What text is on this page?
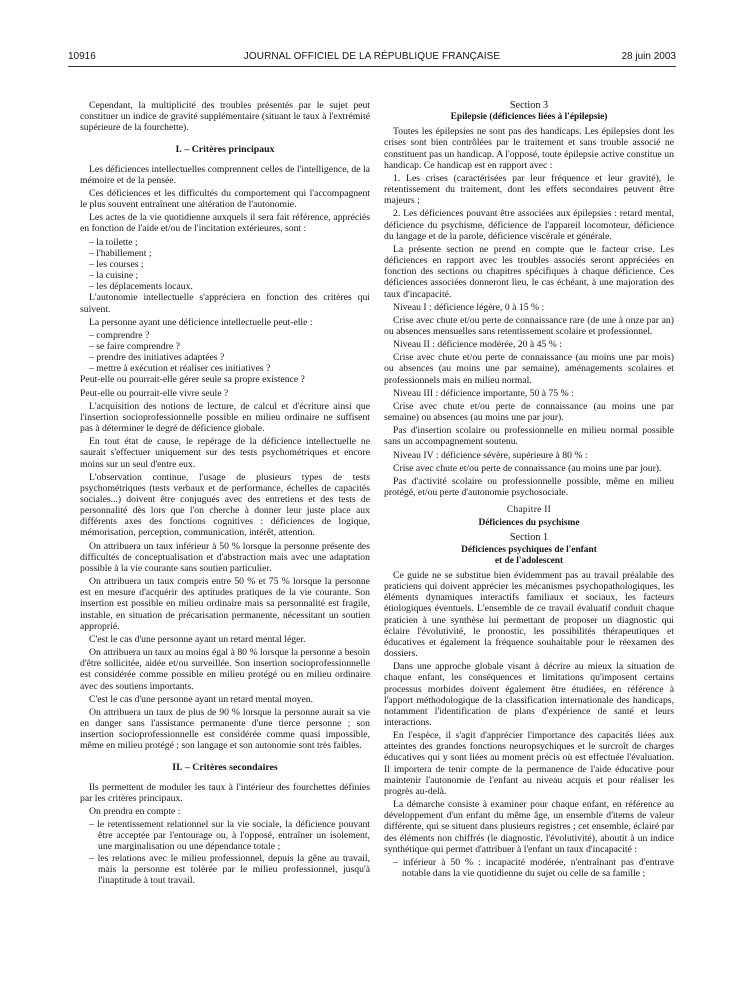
10916	JOURNAL OFFICIEL DE LA RÉPUBLIQUE FRANÇAISE	28 juin 2003

Cependant, la multiplicité des troubles présentés par le sujet peut constituer un indice de gravité supplémentaire (situant le taux à l'extrémité supérieure de la fourchette).

I. – Critères principaux

Les déficiences intellectuelles comprennent celles de l'intelligence, de la mémoire et de la pensée.

Ces déficiences et les difficultés du comportement qui l'accompagnent le plus souvent entraînent une altération de l'autonomie.

Les actes de la vie quotidienne auxquels il sera fait référence, appréciés en fonction de l'aide et/ou de l'incitation extérieures, sont :

– la toilette ;
– l'habillement ;
– les courses ;
– la cuisine ;
– les déplacements locaux.

L'autonomie intellectuelle s'appréciera en fonction des critères qui suivent.

La personne ayant une déficience intellectuelle peut-elle :

– comprendre ?
– se faire comprendre ?
– prendre des initiatives adaptées ?
– mettre à exécution et réaliser ces initiatives ?

Peut-elle ou pourrait-elle gérer seule sa propre existence ?

Peut-elle ou pourrait-elle vivre seule ?

L'acquisition des notions de lecture, de calcul et d'écriture ainsi que l'insertion socioprofessionnelle possible en milieu ordinaire ne suffisent pas à déterminer le degré de déficience globale.

En tout état de cause, le repérage de la déficience intellectuelle ne saurait s'effectuer uniquement sur des tests psychométriques et encore moins sur un seul d'entre eux.

L'observation continue, l'usage de plusieurs types de tests psychométriques (tests verbaux et de performance, échelles de capacités sociales...) doivent être conjugués avec des entretiens et des tests de personnalité dès lors que l'on cherche à donner leur juste place aux différents axes des fonctions cognitives : déficiences de logique, mémorisation, perception, communication, intérêt, attention.

On attribuera un taux inférieur à 50 % lorsque la personne présente des difficultés de conceptualisation et d'abstraction mais avec une adaptation possible à la vie courante sans soutien particulier.

On attribuera un taux compris entre 50 % et 75 % lorsque la personne est en mesure d'acquérir des aptitudes pratiques de la vie courante. Son insertion est possible en milieu ordinaire mais sa personnalité est fragile, instable, en situation de précarisation permanente, nécessitant un soutien approprié.

C'est le cas d'une personne ayant un retard mental léger.

On attribuera un taux au moins égal à 80 % lorsque la personne a besoin d'être sollicitée, aidée et/ou surveillée. Son insertion socioprofessionnelle est considérée comme possible en milieu protégé ou en milieu ordinaire avec des soutiens importants.

C'est le cas d'une personne ayant un retard mental moyen.

On attribuera un taux de plus de 90 % lorsque la personne aurait sa vie en danger sans l'assistance permanente d'une tierce personne ; son insertion socioprofessionnelle est considérée comme quasi impossible, même en milieu protégé ; son langage et son autonomie sont très faibles.

II. – Critères secondaires

Ils permettent de moduler les taux à l'intérieur des fourchettes définies par les critères principaux.

On prendra en compte :

– le retentissement relationnel sur la vie sociale, la déficience pouvant être acceptée par l'entourage ou, à l'opposé, entraîner un isolement, une marginalisation ou une dépendance totale ;
– les relations avec le milieu professionnel, depuis la gêne au travail, mais la personne est tolérée par le milieu professionnel, jusqu'à l'inaptitude à tout travail.
Section 3
Epilepsie (déficiences liées à l'épilepsie)

Toutes les épilepsies ne sont pas des handicaps. Les épilepsies dont les crises sont bien contrôlées par le traitement et sans trouble associé ne constituent pas un handicap. A l'opposé, toute épilepsie active constitue un handicap. Ce handicap est en rapport avec :

1. Les crises (caractérisées par leur fréquence et leur gravité), le retentissement du traitement, dont les effets secondaires peuvent être majeurs ;

2. Les déficiences pouvant être associées aux épilepsies : retard mental, déficience du psychisme, déficience de l'appareil locomoteur, déficience du langage et de la parole, déficience viscérale et générale.

La présente section ne prend en compte que le facteur crise. Les déficiences en rapport avec les troubles associés seront appréciées en fonction des sections ou chapitres spécifiques à chaque déficience. Ces déficiences associées donneront lieu, le cas échéant, à une majoration des taux d'incapacité.

Niveau I : déficience légère, 0 à 15 % :

Crise avec chute et/ou perte de connaissance rare (de une à onze par an) ou absences mensuelles sans retentissement scolaire et professionnel.

Niveau II : déficience modérée, 20 à 45 % :

Crise avec chute et/ou perte de connaissance (au moins une par mois) ou absences (au moins une par semaine), aménagements scolaires et professionnels mais en milieu normal.

Niveau III : déficience importante, 50 à 75 % :

Crise avec chute et/ou perte de connaissance (au moins une par semaine) ou absences (au moins une par jour).

Pas d'insertion scolaire ou professionnelle en milieu normal possible sans un accompagnement soutenu.

Niveau IV : déficience sévère, supérieure à 80 % :

Crise avec chute et/ou perte de connaissance (au moins une par jour).

Pas d'activité scolaire ou professionnelle possible, même en milieu protégé, et/ou perte d'autonomie psychosociale.

Chapitre II
Déficiences du psychisme
Section 1
Déficiences psychiques de l'enfant
et de l'adolescent

Ce guide ne se substitue bien évidemment pas au travail préalable des praticiens qui doivent apprécier les mécanismes psychopathologiques, les éléments dynamiques interactifs familiaux et sociaux, les facteurs étiologiques éventuels. L'ensemble de ce travail évaluatif conduit chaque praticien à une synthèse lui permettant de proposer un diagnostic qui éclaire l'évolutivité, le pronostic, les possibilités thérapeutiques et éducatives et également la fréquence souhaitable pour le réexamen des dossiers.

Dans une approche globale visant à décrire au mieux la situation de chaque enfant, les conséquences et limitations qu'imposent certains processus morbides doivent également être étudiées, en référence à l'apport méthodologique de la classification internationale des handicaps, notamment l'identification de plans d'expérience de santé et leurs interactions.

En l'espèce, il s'agit d'apprécier l'importance des capacités liées aux atteintes des grandes fonctions neuropsychiques et le surcroît de charges éducatives qui y sont liées au moment précis où est effectuée l'évaluation. Il importera de tenir compte de la permanence de l'aide éducative pour maintenir l'autonomie de l'enfant au niveau acquis et pour réaliser les progrès au-delà.

La démarche consiste à examiner pour chaque enfant, en référence au développement d'un enfant du même âge, un ensemble d'items de valeur différente, qui se situent dans plusieurs registres ; cet ensemble, éclairé par des éléments non chiffrés (le diagnostic, l'évolutivité), aboutit à un indice synthétique qui permet d'attribuer à l'enfant un taux d'incapacité :

– inférieur à 50 % : incapacité modérée, n'entraînant pas d'entrave notable dans la vie quotidienne du sujet ou celle de sa famille ;
